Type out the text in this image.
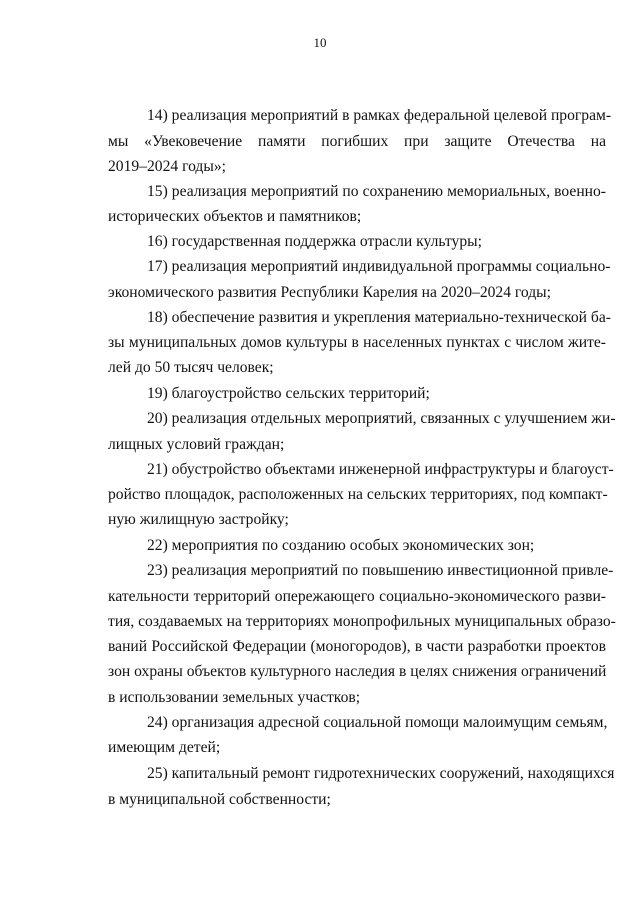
10
14) реализация мероприятий в рамках федеральной целевой програм-
мы «Увековечение памяти погибших при защите Отечества на
2019–2024 годы»;
15) реализация мероприятий по сохранению мемориальных, военно-
исторических объектов и памятников;
16) государственная поддержка отрасли культуры;
17) реализация мероприятий индивидуальной программы социально-
экономического развития Республики Карелия на 2020–2024 годы;
18) обеспечение развития и укрепления материально-технической ба-
зы муниципальных домов культуры в населенных пунктах с числом жите-
лей до 50 тысяч человек;
19) благоустройство сельских территорий;
20) реализация отдельных мероприятий, связанных с улучшением жи-
лищных условий граждан;
21) обустройство объектами инженерной инфраструктуры и благоуст-
ройство площадок, расположенных на сельских территориях, под компакт-
ную жилищную застройку;
22) мероприятия по созданию особых экономических зон;
23) реализация мероприятий по повышению инвестиционной привле-
кательности территорий опережающего социально-экономического разви-
тия, создаваемых на территориях монопрофильных муниципальных образо-
ваний Российской Федерации (моногородов), в части разработки проектов
зон охраны объектов культурного наследия в целях снижения ограничений
в использовании земельных участков;
24) организация адресной социальной помощи малоимущим семьям,
имеющим детей;
25) капитальный ремонт гидротехнических сооружений, находящихся
в муниципальной собственности;
